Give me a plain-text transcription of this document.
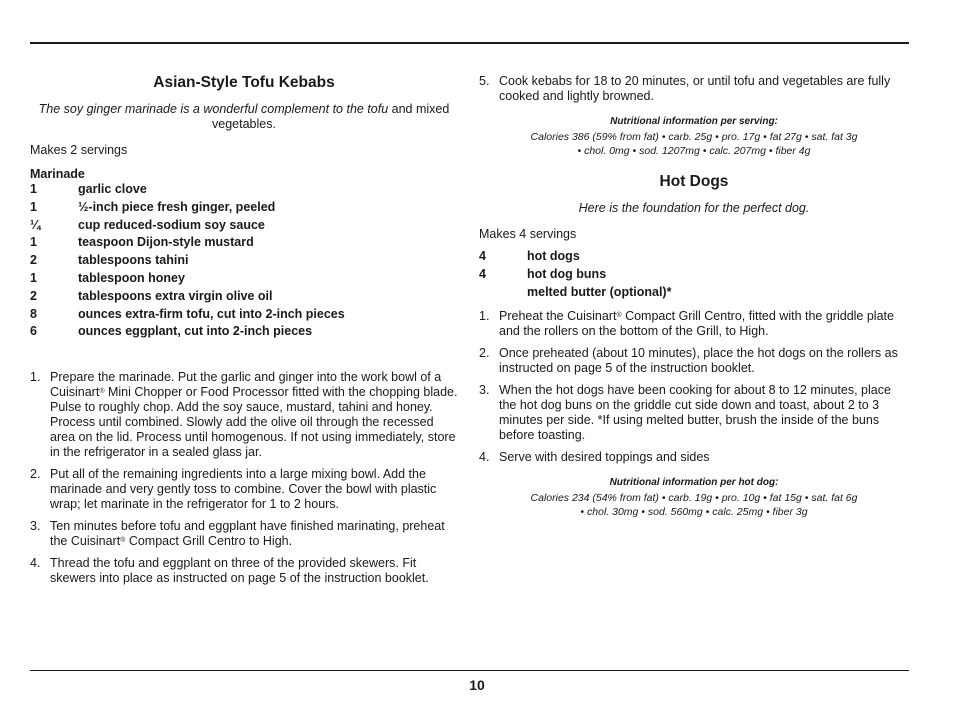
Asian-Style Tofu Kebabs

The soy ginger marinade is a wonderful complement to the tofu and mixed vegetables.

Makes 2 servings
Marinade
1	garlic clove
1	½-inch piece fresh ginger, peeled
¼	cup reduced-sodium soy sauce
1	teaspoon Dijon-style mustard
2	tablespoons tahini
1	tablespoon honey
2	tablespoons extra virgin olive oil
8	ounces extra-firm tofu, cut into 2-inch pieces
6	ounces eggplant, cut into 2-inch pieces
1. Prepare the marinade. Put the garlic and ginger into the work bowl of a Cuisinart® Mini Chopper or Food Processor fitted with the chopping blade. Pulse to roughly chop. Add the soy sauce, mustard, tahini and honey. Process until combined. Slowly add the olive oil through the recessed area on the lid. Process until homogenous. If not using immediately, store in the refrigerator in a sealed glass jar.
2. Put all of the remaining ingredients into a large mixing bowl. Add the marinade and very gently toss to combine. Cover the bowl with plastic wrap; let marinate in the refrigerator for 1 to 2 hours.
3. Ten minutes before tofu and eggplant have finished marinating, preheat the Cuisinart® Compact Grill Centro to High.
4. Thread the tofu and eggplant on three of the provided skewers. Fit skewers into place as instructed on page 5 of the instruction booklet.
5. Cook kebabs for 18 to 20 minutes, or until tofu and vegetables are fully cooked and lightly browned.
Nutritional information per serving:
Calories 386 (59% from fat) • carb. 25g • pro. 17g • fat 27g • sat. fat 3g
• chol. 0mg • sod. 1207mg • calc. 207mg • fiber 4g
Hot Dogs
Here is the foundation for the perfect dog.
Makes 4 servings
4	hot dogs
4	hot dog buns
melted butter (optional)*
1. Preheat the Cuisinart® Compact Grill Centro, fitted with the griddle plate and the rollers on the bottom of the Grill, to High.
2. Once preheated (about 10 minutes), place the hot dogs on the rollers as instructed on page 5 of the instruction booklet.
3. When the hot dogs have been cooking for about 8 to 12 minutes, place the hot dog buns on the griddle cut side down and toast, about 2 to 3 minutes per side. *If using melted butter, brush the inside of the buns before toasting.
4. Serve with desired toppings and sides
Nutritional information per hot dog:
Calories 234 (54% from fat) • carb. 19g • pro. 10g • fat 15g • sat. fat 6g
• chol. 30mg • sod. 560mg • calc. 25mg • fiber 3g
10
